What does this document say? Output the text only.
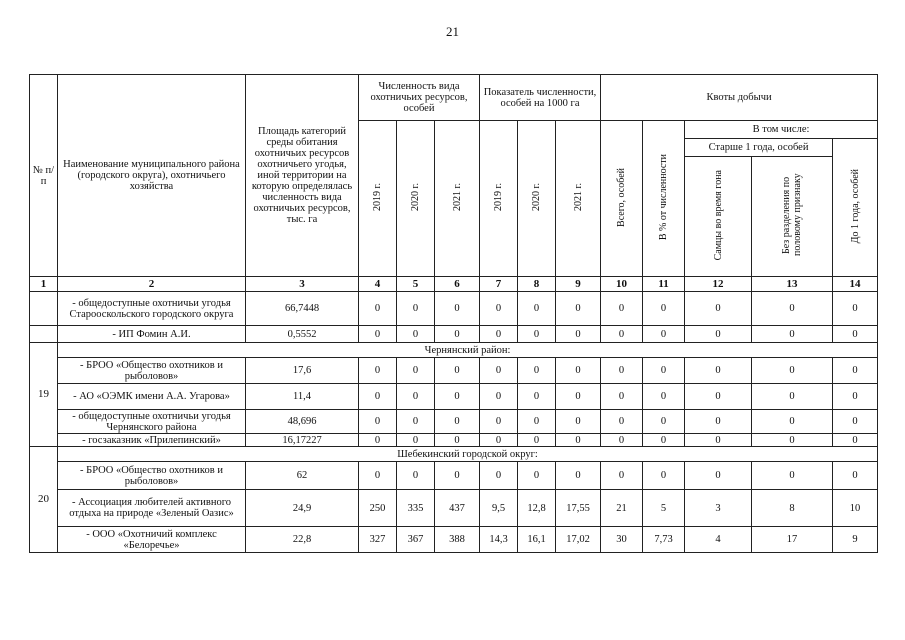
21
№ п/п	Наименование муниципального района (городского округа), охотничьего хозяйства	Площадь категорий среды обитания охотничьих ресурсов охотничьего угодья, иной территории на которую определялась численность вида охотничьих ресурсов, тыс. га	Численность вида охотничьих ресурсов, особей			Показатель численности, особей на 1000 га			Квоты добычи				
			2019 г.	2020 г.	2021 г.	2019 г.	2020 г.	2021 г.	Всего, особей	В % от численности	В том числе:		
											Старше 1 года, особей		До 1 года, особей
											Самцы во время гона	Без разделения по половому признаку	
1	2	3	4	5	6	7	8	9	10	11	12	13	14
	- общедоступные охотничьи угодья Старооскольского городского округа	66,7448	0	0	0	0	0	0	0	0	0	0	0
	- ИП Фомин А.И.	0,5552	0	0	0	0	0	0	0	0	0	0	0
19	Чернянский район:												
	- БРОО «Общество охотников и рыболовов»	17,6	0	0	0	0	0	0	0	0	0	0	0
	- АО «ОЭМК имени А.А. Угарова»	11,4	0	0	0	0	0	0	0	0	0	0	0
	- общедоступные охотничьи угодья Чернянского района	48,696	0	0	0	0	0	0	0	0	0	0	0
	- госзаказник «Прилепинский»	16,17227	0	0	0	0	0	0	0	0	0	0	0
20	Шебекинский городской округ:												
	- БРОО «Общество охотников и рыболовов»	62	0	0	0	0	0	0	0	0	0	0	0
	- Ассоциация любителей активного отдыха на природе «Зеленый Оазис»	24,9	250	335	437	9,5	12,8	17,55	21	5	3	8	10
	- ООО «Охотничий комплекс «Белоречье»	22,8	327	367	388	14,3	16,1	17,02	30	7,73	4	17	9
